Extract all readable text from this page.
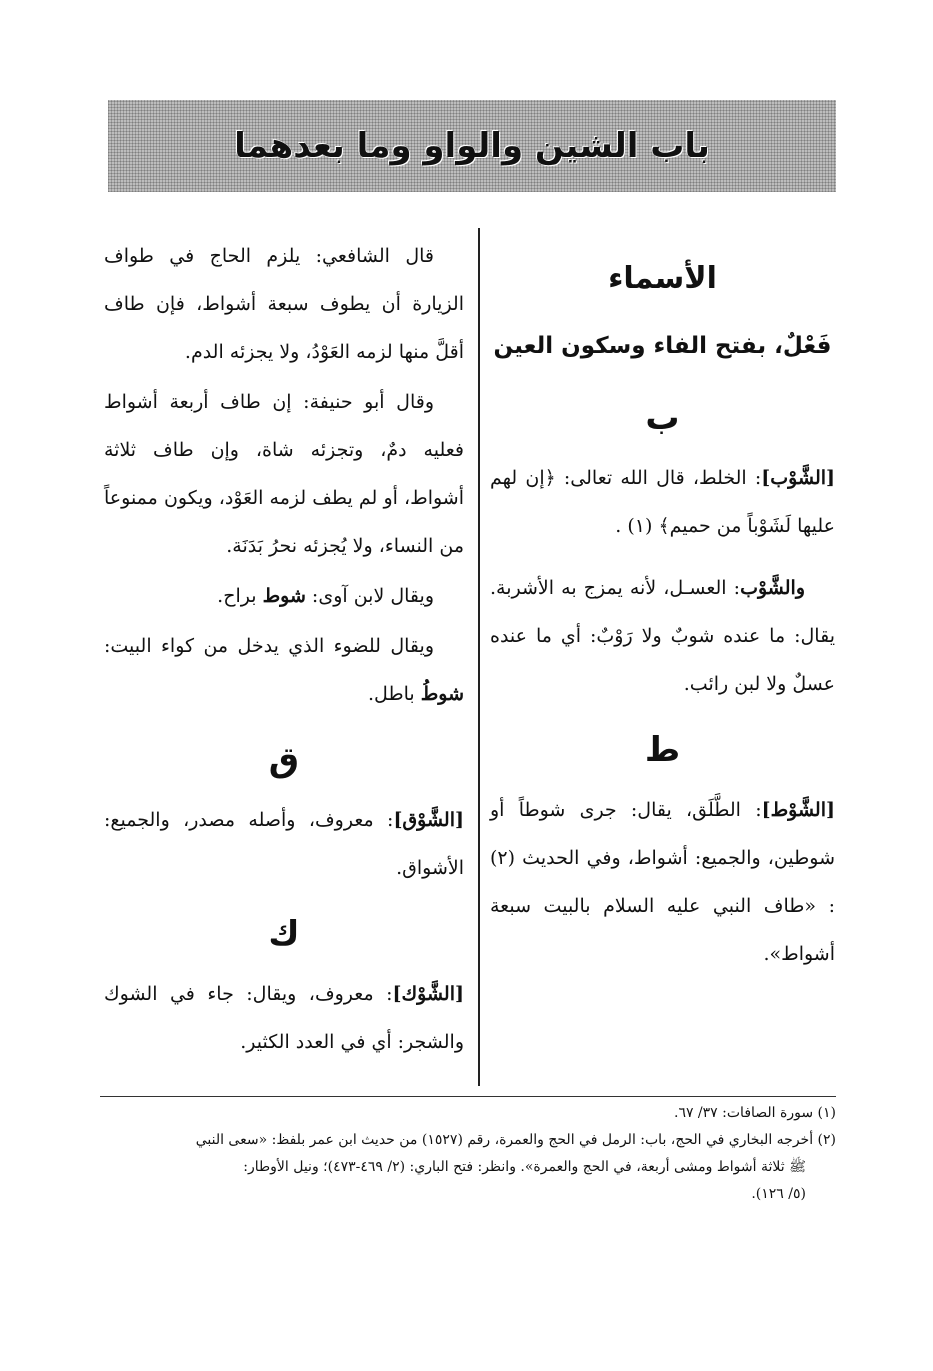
باب الشين والواو وما بعدهما
الأسماء
فَعْلٌ، بفتح الفاء وسكون العين
ب

[الشَّوْب]: الخلط، قال الله تعالى: ﴿إن لهم عليها لَشَوْباً من حميم﴾ (١) .

والشَّوْب: العسـل، لأنه يمزج به الأشربة. يقال: ما عنده شوبٌ ولا رَوْبٌ: أي ما عنده عسلٌ ولا لبن رائب.

ط

[الشَّوْط]: الطَّلَق، يقال: جرى شوطاً أو شوطين، والجميع: أشواط، وفي الحديث (٢) : «طاف النبي عليه السلام بالبيت سبعة أشواط».

قال الشافعي: يلزم الحاج في طواف الزيارة أن يطوف سبعة أشواط، فإن طاف أقلَّ منها لزمه العَوْدُ، ولا يجزئه الدم.

وقال أبو حنيفة: إن طاف أربعة أشواط فعليه دمٌ، وتجزئه شاة، وإن طاف ثلاثة أشواط، أو لم يطف لزمه العَوْد، ويكون ممنوعاً من النساء، ولا يُجزئه نحرُ بَدَنَة.

ويقال لابن آوى: شوط براح.

ويقال للضوء الذي يدخل من كواء البيت: شوطُ باطل.

ق

[الشَّوْق]: معروف، وأصله مصدر، والجميع: الأشواق.

ك

[الشَّوْك]: معروف، ويقال: جاء في الشوك والشجر: أي في العدد الكثير.

(١) سورة الصافات: ٣٧/ ٦٧.

(٢) أخرجه البخاري في الحج، باب: الرمل في الحج والعمرة، رقم (١٥٢٧) من حديث ابن عمر بلفظ: «سعى النبي

ﷺ ثلاثة أشواط ومشى أربعة، في الحج والعمرة». وانظر: فتح الباري: (٢/ ٤٦٩-٤٧٣)؛ ونيل الأوطار:

(٥/ ١٢٦).
